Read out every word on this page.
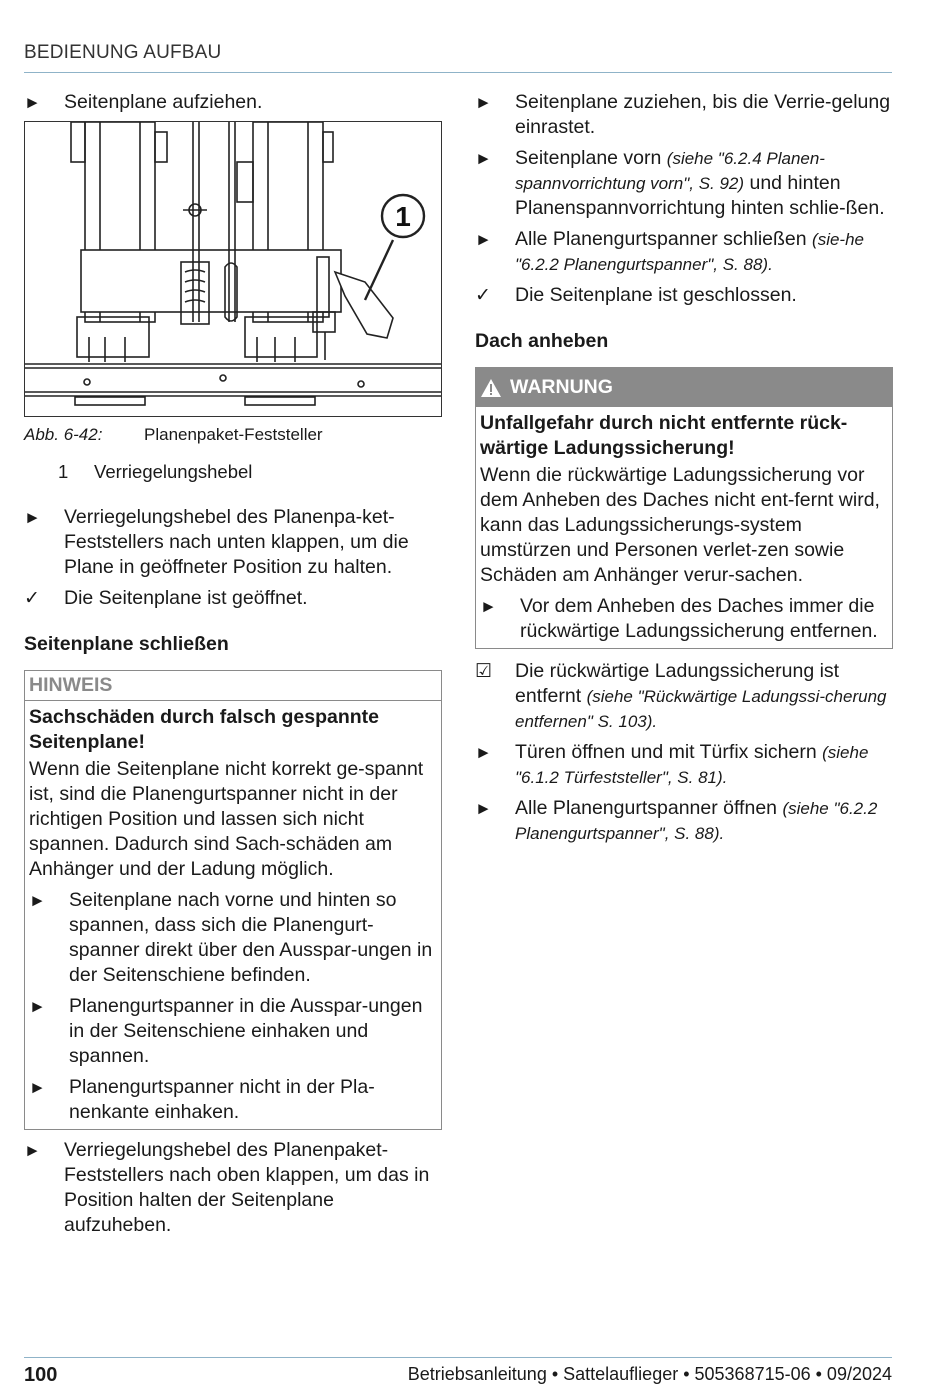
BEDIENUNG AUFBAU
►	Seitenplane aufziehen.
1
Abb. 6-42: Planenpaket-Feststeller
1 Verriegelungshebel
►	Verriegelungshebel des Planenpa-ket-Feststellers nach unten klappen, um die Plane in geöffneter Position zu halten.
✓	Die Seitenplane ist geöffnet.
Seitenplane schließen
HINWEIS
Sachschäden durch falsch gespannte Seitenplane!
Wenn die Seitenplane nicht korrekt ge-spannt ist, sind die Planengurtspanner nicht in der richtigen Position und lassen sich nicht spannen. Dadurch sind Sach-schäden am Anhänger und der Ladung möglich.
►	Seitenplane nach vorne und hinten so spannen, dass sich die Planengurt-spanner direkt über den Ausspar-ungen in der Seitenschiene befinden.
►	Planengurtspanner in die Ausspar-ungen in der Seitenschiene einhaken und spannen.
►	Planengurtspanner nicht in der Pla-nenkante einhaken.
►	Verriegelungshebel des Planenpaket-Feststellers nach oben klappen, um das in Position halten der Seitenplane aufzuheben.
►	Seitenplane zuziehen, bis die Verrie-gelung einrastet.
►	Seitenplane vorn (siehe "6.2.4 Planen-spannvorrichtung vorn", S. 92) und hinten Planenspannvorrichtung hinten schlie-ßen.
►	Alle Planengurtspanner schließen (sie-he "6.2.2 Planengurtspanner", S. 88).
✓	Die Seitenplane ist geschlossen.
Dach anheben
WARNUNG
Unfallgefahr durch nicht entfernte rück-wärtige Ladungssicherung!
Wenn die rückwärtige Ladungssicherung vor dem Anheben des Daches nicht ent-fernt wird, kann das Ladungssicherungs-system umstürzen und Personen verlet-zen sowie Schäden am Anhänger verur-sachen.
►	Vor dem Anheben des Daches immer die rückwärtige Ladungssicherung entfernen.
☑	Die rückwärtige Ladungssicherung ist entfernt (siehe "Rückwärtige Ladungssi-cherung entfernen" S. 103).
►	Türen öffnen und mit Türfix sichern (siehe "6.1.2 Türfeststeller", S. 81).
►	Alle Planengurtspanner öffnen (siehe "6.2.2 Planengurtspanner", S. 88).
100	Betriebsanleitung • Sattelauflieger • 505368715-06 • 09/2024
